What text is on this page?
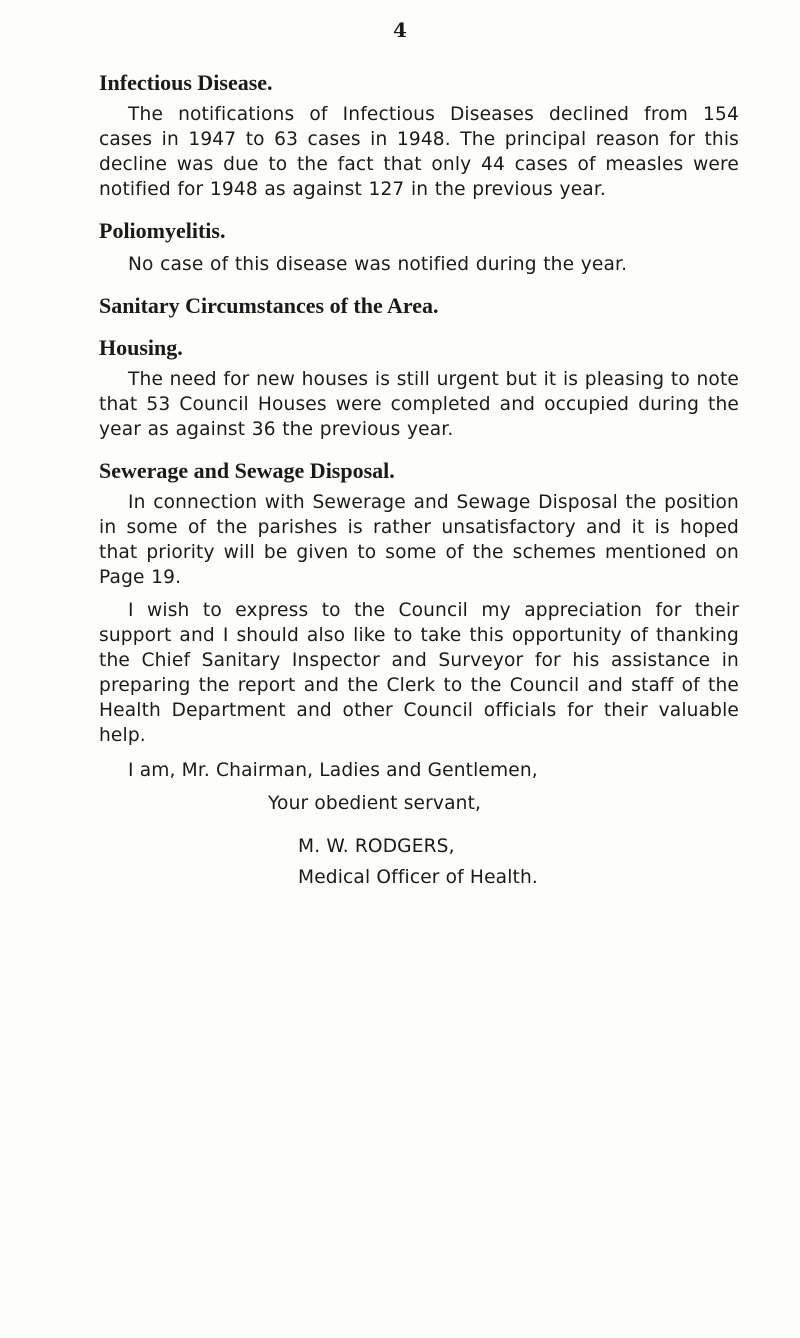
4
Infectious Disease.

The notifications of Infectious Diseases declined from 154 cases in 1947 to 63 cases in 1948. The principal reason for this decline was due to the fact that only 44 cases of measles were notified for 1948 as against 127 in the previous year.

Poliomyelitis.

No case of this disease was notified during the year.

Sanitary Circumstances of the Area.
Housing.

The need for new houses is still urgent but it is pleasing to note that 53 Council Houses were completed and occupied during the year as against 36 the previous year.

Sewerage and Sewage Disposal.

In connection with Sewerage and Sewage Disposal the position in some of the parishes is rather unsatisfactory and it is hoped that priority will be given to some of the schemes mentioned on Page 19.

I wish to express to the Council my appreciation for their support and I should also like to take this opportunity of thanking the Chief Sanitary Inspector and Surveyor for his assistance in preparing the report and the Clerk to the Council and staff of the Health Department and other Council officials for their valuable help.

I am, Mr. Chairman, Ladies and Gentlemen,
Your obedient servant,
M. W. RODGERS,
Medical Officer of Health.
